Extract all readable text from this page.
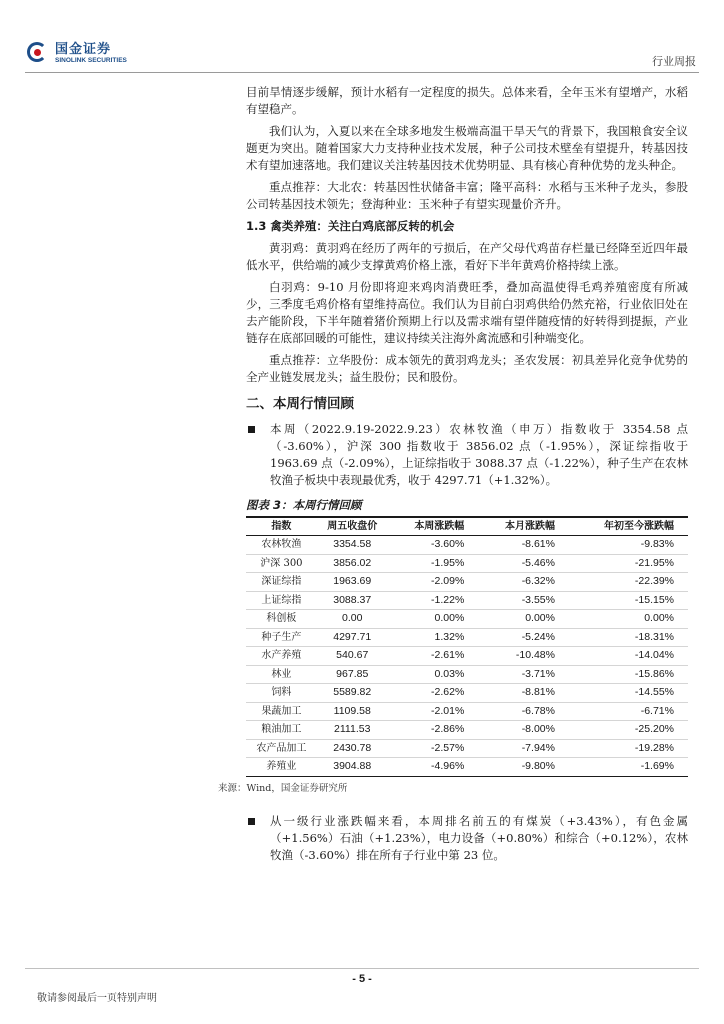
国金证券
SINOLINK SECURITIES	行业周报

目前旱情逐步缓解，预计水稻有一定程度的损失。总体来看，全年玉米有望增产，水稻有望稳产。

我们认为，入夏以来在全球多地发生极端高温干旱天气的背景下，我国粮食安全议题更为突出。随着国家大力支持种业技术发展，种子公司技术壁垒有望提升，转基因技术有望加速落地。我们建议关注转基因技术优势明显、具有核心育种优势的龙头种企。

重点推荐：大北农：转基因性状储备丰富；隆平高科：水稻与玉米种子龙头，参股公司转基因技术领先；登海种业：玉米种子有望实现量价齐升。

1.3 禽类养殖：关注白鸡底部反转的机会

黄羽鸡：黄羽鸡在经历了两年的亏损后，在产父母代鸡苗存栏量已经降至近四年最低水平，供给端的减少支撑黄鸡价格上涨，看好下半年黄鸡价格持续上涨。

白羽鸡：9-10 月份即将迎来鸡肉消费旺季，叠加高温使得毛鸡养殖密度有所减少，三季度毛鸡价格有望维持高位。我们认为目前白羽鸡供给仍然充裕，行业依旧处在去产能阶段，下半年随着猪价预期上行以及需求端有望伴随疫情的好转得到提振，产业链存在底部回暖的可能性，建议持续关注海外禽流感和引种端变化。

重点推荐：立华股份：成本领先的黄羽鸡龙头；圣农发展：初具差异化竞争优势的全产业链发展龙头；益生股份；民和股份。

二、本周行情回顾
本周（2022.9.19-2022.9.23）农林牧渔（申万）指数收于 3354.58 点（-3.60%），沪深 300 指数收于 3856.02 点（-1.95%），深证综指收于 1963.69 点（-2.09%），上证综指收于 3088.37 点（-1.22%），种子生产在农林牧渔子板块中表现最优秀，收于 4297.71（+1.32%）。
图表 3：本周行情回顾
指数	周五收盘价	本周涨跌幅	本月涨跌幅	年初至今涨跌幅
农林牧渔	3354.58	-3.60%	-8.61%	-9.83%
沪深 300	3856.02	-1.95%	-5.46%	-21.95%
深证综指	1963.69	-2.09%	-6.32%	-22.39%
上证综指	3088.37	-1.22%	-3.55%	-15.15%
科创板	0.00	0.00%	0.00%	0.00%
种子生产	4297.71	1.32%	-5.24%	-18.31%
水产养殖	540.67	-2.61%	-10.48%	-14.04%
林业	967.85	0.03%	-3.71%	-15.86%
饲料	5589.82	-2.62%	-8.81%	-14.55%
果蔬加工	1109.58	-2.01%	-6.78%	-6.71%
粮油加工	2111.53	-2.86%	-8.00%	-25.20%
农产品加工	2430.78	-2.57%	-7.94%	-19.28%
养殖业	3904.88	-4.96%	-9.80%	-1.69%
来源：Wind，国金证券研究所
从一级行业涨跌幅来看，本周排名前五的有煤炭（+3.43%），有色金属（+1.56%）石油（+1.23%），电力设备（+0.80%）和综合（+0.12%），农林牧渔（-3.60%）排在所有子行业中第 23 位。
- 5 -
敬请参阅最后一页特别声明
